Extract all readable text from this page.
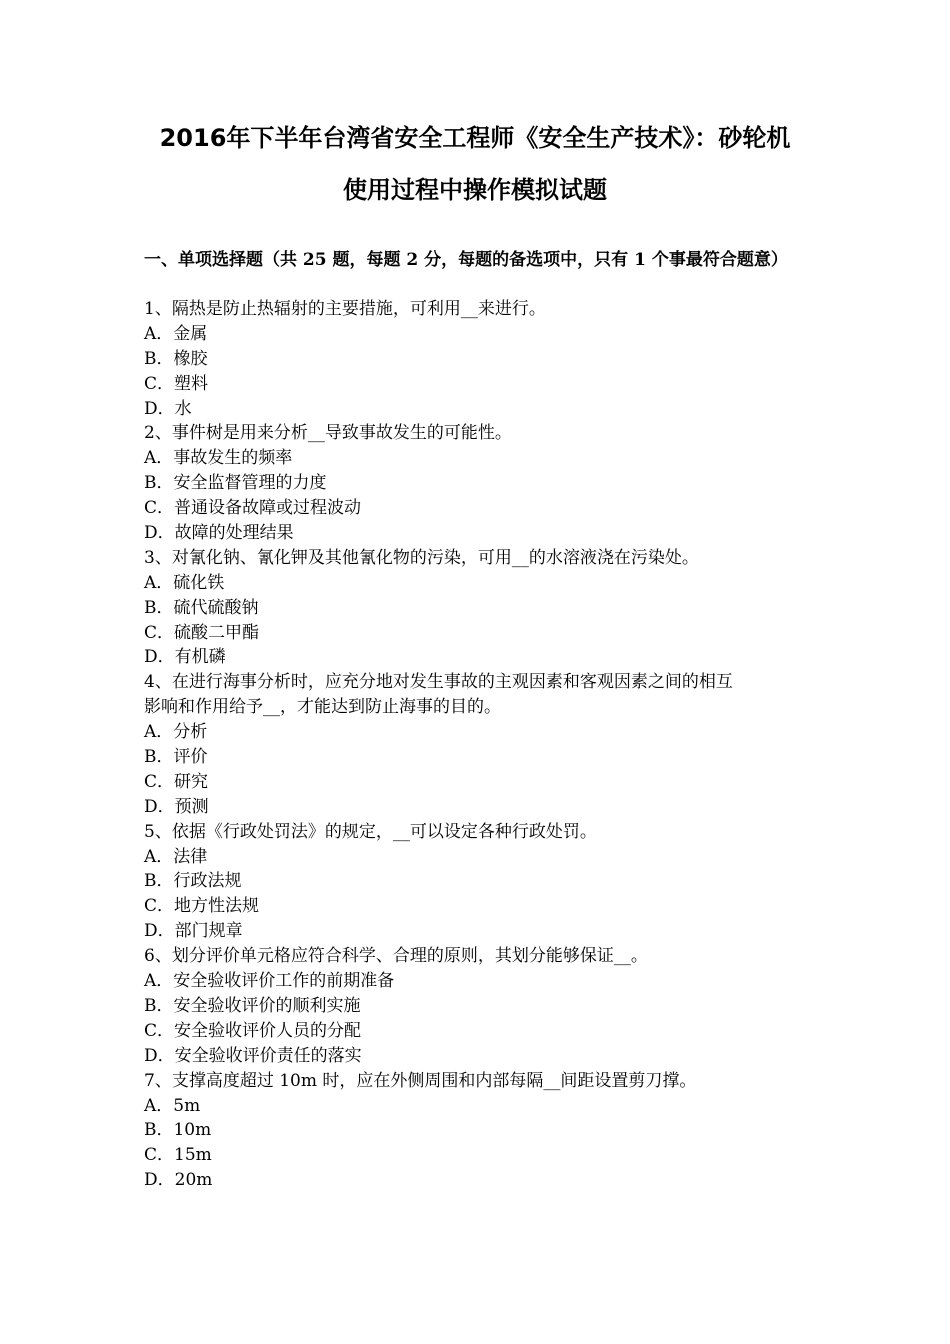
2016年下半年台湾省安全工程师《安全生产技术》：砂轮机
使用过程中操作模拟试题
一、单项选择题（共 25 题，每题 2 分，每题的备选项中，只有 1 个事最符合题意）
1、隔热是防止热辐射的主要措施，可利用__来进行。
A．金属
B．橡胶
C．塑料
D．水
2、事件树是用来分析__导致事故发生的可能性。
A．事故发生的频率
B．安全监督管理的力度
C．普通设备故障或过程波动
D．故障的处理结果
3、对氰化钠、氰化钾及其他氰化物的污染，可用__的水溶液浇在污染处。
A．硫化铁
B．硫代硫酸钠
C．硫酸二甲酯
D．有机磷
4、在进行海事分析时，应充分地对发生事故的主观因素和客观因素之间的相互
影响和作用给予__，才能达到防止海事的目的。
A．分析
B．评价
C．研究
D．预测
5、依据《行政处罚法》的规定，__可以设定各种行政处罚。
A．法律
B．行政法规
C．地方性法规
D．部门规章
6、划分评价单元格应符合科学、合理的原则，其划分能够保证__。
A．安全验收评价工作的前期准备
B．安全验收评价的顺利实施
C．安全验收评价人员的分配
D．安全验收评价责任的落实
7、支撑高度超过 10m 时，应在外侧周围和内部每隔__间距设置剪刀撑。
A．5m
B．10m
C．15m
D．20m
